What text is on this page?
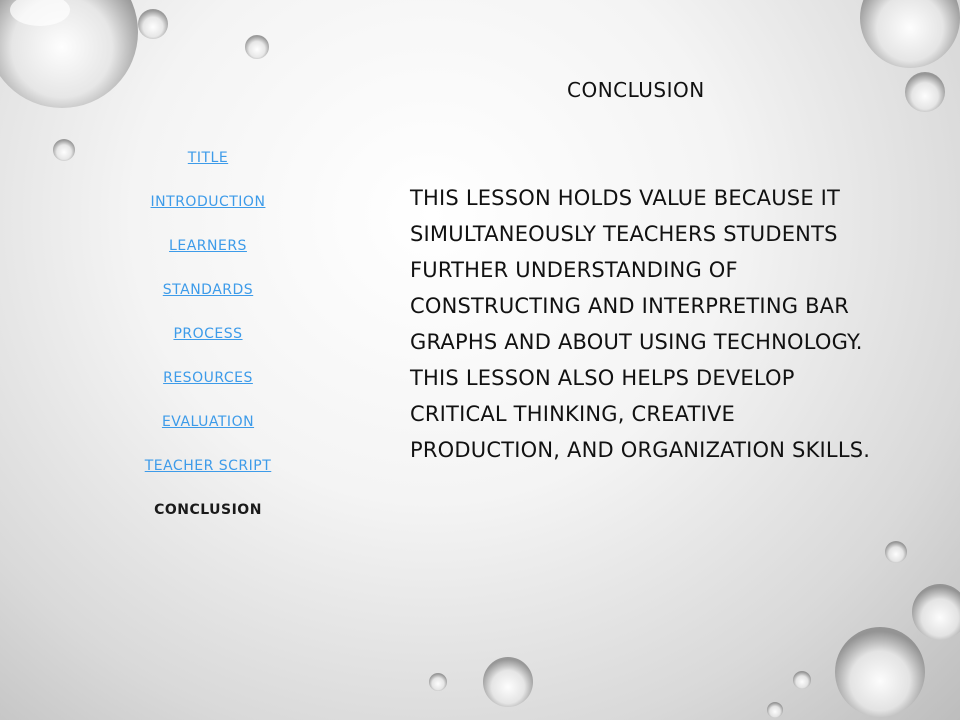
TITLE
INTRODUCTION
LEARNERS
STANDARDS
PROCESS
RESOURCES
EVALUATION
TEACHER SCRIPT
CONCLUSION
CONCLUSION

THIS LESSON HOLDS VALUE BECAUSE IT SIMULTANEOUSLY TEACHERS STUDENTS FURTHER UNDERSTANDING OF CONSTRUCTING AND INTERPRETING BAR GRAPHS AND ABOUT USING TECHNOLOGY. THIS LESSON ALSO HELPS DEVELOP CRITICAL THINKING, CREATIVE PRODUCTION, AND ORGANIZATION SKILLS.
